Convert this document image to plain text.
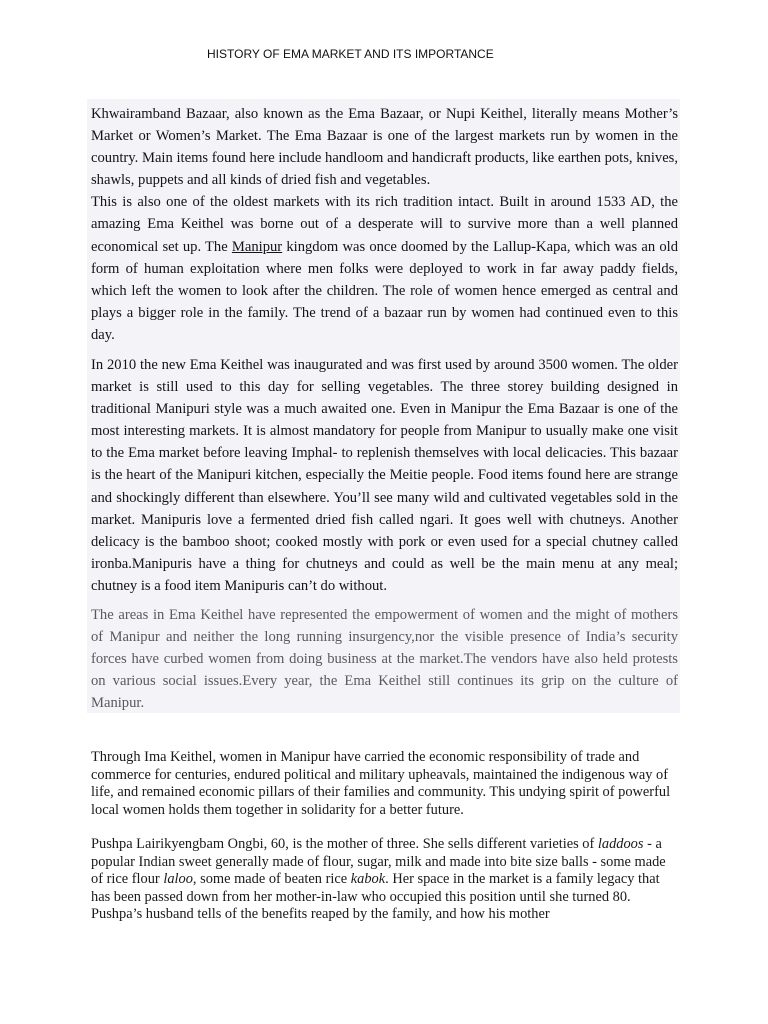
HISTORY OF EMA MARKET AND ITS IMPORTANCE

Khwairamband Bazaar, also known as the Ema Bazaar, or Nupi Keithel, literally means Mother’s Market or Women’s Market. The Ema Bazaar is one of the largest markets run by women in the country. Main items found here include handloom and handicraft products, like earthen pots, knives, shawls, puppets and all kinds of dried fish and vegetables.

This is also one of the oldest markets with its rich tradition intact. Built in around 1533 AD, the amazing Ema Keithel was borne out of a desperate will to survive more than a well planned economical set up. The Manipur kingdom was once doomed by the Lallup-Kapa, which was an old form of human exploitation where men folks were deployed to work in far away paddy fields, which left the women to look after the children. The role of women hence emerged as central and plays a bigger role in the family. The trend of a bazaar run by women had continued even to this day.

In 2010 the new Ema Keithel was inaugurated and was first used by around 3500 women. The older market is still used to this day for selling vegetables. The three storey building designed in traditional Manipuri style was a much awaited one. Even in Manipur the Ema Bazaar is one of the most interesting markets. It is almost mandatory for people from Manipur to usually make one visit to the Ema market before leaving Imphal- to replenish themselves with local delicacies. This bazaar is the heart of the Manipuri kitchen, especially the Meitie people. Food items found here are strange and shockingly different than elsewhere. You’ll see many wild and cultivated vegetables sold in the market. Manipuris love a fermented dried fish called ngari. It goes well with chutneys. Another delicacy is the bamboo shoot; cooked mostly with pork or even used for a special chutney called ironba.Manipuris have a thing for chutneys and could as well be the main menu at any meal; chutney is a food item Manipuris can’t do without.

The areas in Ema Keithel have represented the empowerment of women and the might of mothers of Manipur and neither the long running insurgency,nor the visible presence of India’s security forces have curbed women from doing business at the market.The vendors have also held protests on various social issues.Every year, the Ema Keithel still continues its grip on the culture of Manipur.

Through Ima Keithel, women in Manipur have carried the economic responsibility of trade and commerce for centuries, endured political and military upheavals, maintained the indigenous way of life, and remained economic pillars of their families and community. This undying spirit of powerful local women holds them together in solidarity for a better future.

Pushpa Lairikyengbam Ongbi, 60, is the mother of three. She sells different varieties of laddoos - a popular Indian sweet generally made of flour, sugar, milk and made into bite size balls - some made of rice flour laloo, some made of beaten rice kabok. Her space in the market is a family legacy that has been passed down from her mother-in-law who occupied this position until she turned 80. Pushpa’s husband tells of the benefits reaped by the family, and how his mother
